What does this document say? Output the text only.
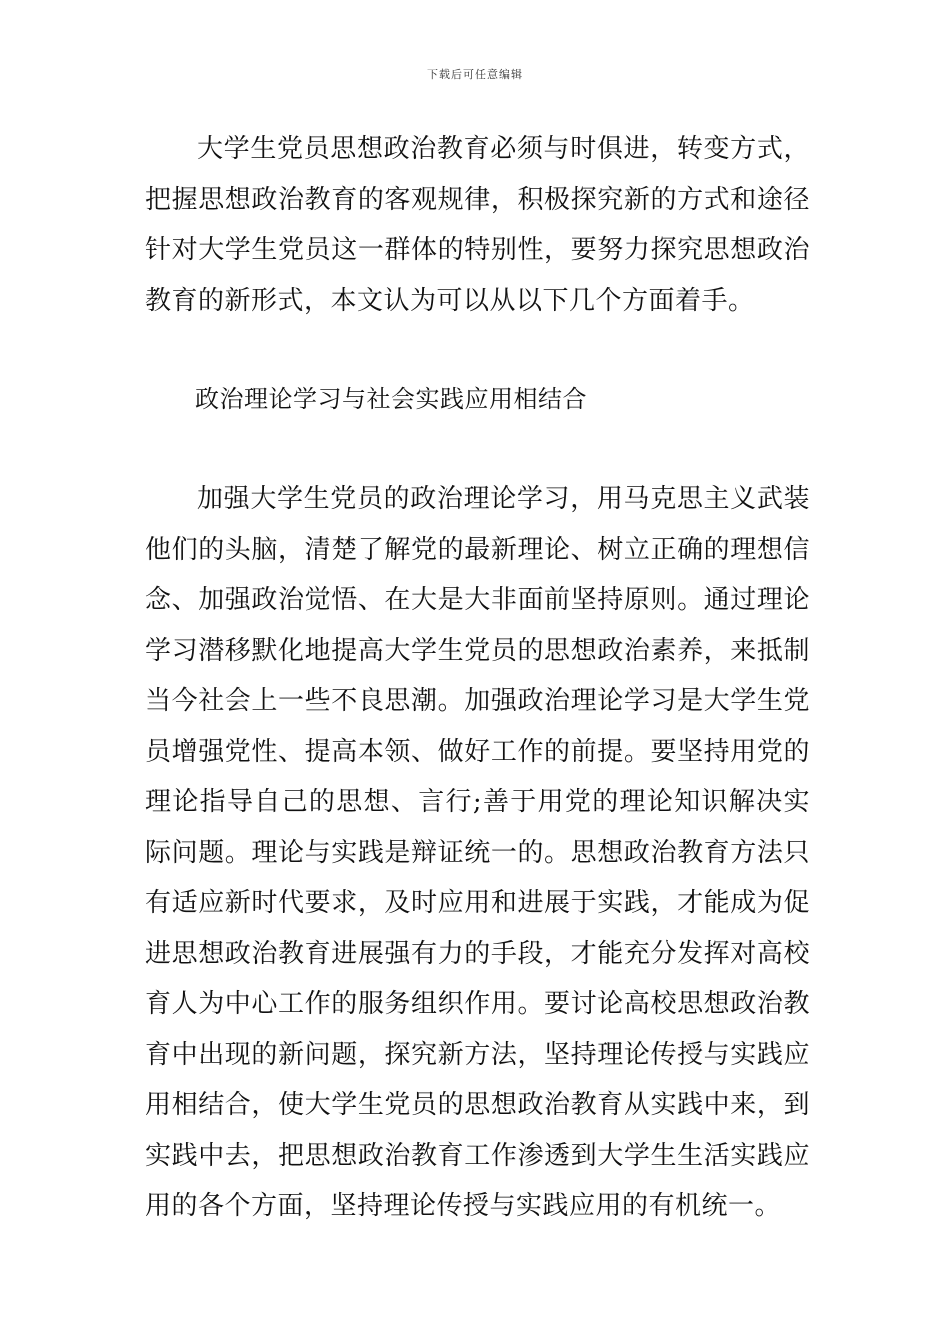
下载后可任意编辑

大学生党员思想政治教育必须与时俱进，转变方式，把握思想政治教育的客观规律，积极探究新的方式和途径针对大学生党员这一群体的特别性，要努力探究思想政治教育的新形式，本文认为可以从以下几个方面着手。

政治理论学习与社会实践应用相结合

加强大学生党员的政治理论学习，用马克思主义武装他们的头脑，清楚了解党的最新理论、树立正确的理想信念、加强政治觉悟、在大是大非面前坚持原则。通过理论学习潜移默化地提高大学生党员的思想政治素养，来抵制当今社会上一些不良思潮。加强政治理论学习是大学生党员增强党性、提高本领、做好工作的前提。要坚持用党的理论指导自己的思想、言行;善于用党的理论知识解决实际问题。理论与实践是辩证统一的。思想政治教育方法只有适应新时代要求，及时应用和进展于实践，才能成为促进思想政治教育进展强有力的手段，才能充分发挥对高校育人为中心工作的服务组织作用。要讨论高校思想政治教育中出现的新问题，探究新方法，坚持理论传授与实践应用相结合，使大学生党员的思想政治教育从实践中来，到实践中去，把思想政治教育工作渗透到大学生生活实践应用的各个方面，坚持理论传授与实践应用的有机统一。
